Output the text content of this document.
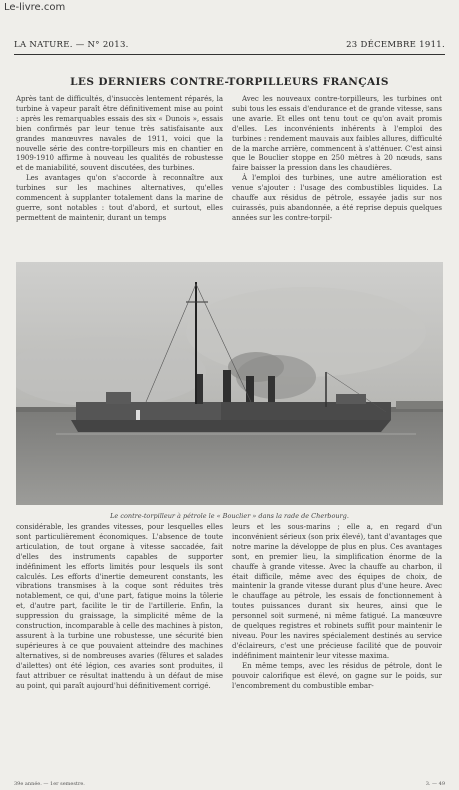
Le-livre.com
LA NATURE. — N° 2013.	23 DÉCEMBRE 1911.
LES DERNIERS CONTRE-TORPILLEURS FRANÇAIS
Après tant de difficultés, d'insuccès lentement réparés, la turbine à vapeur paraît être définitivement mise au point : après les remarquables essais des six « Dunois », essais bien confirmés par leur tenue très satisfaisante aux grandes manœuvres navales de 1911, voici que la nouvelle série des contre-torpilleurs mis en chantier en 1909-1910 affirme à nouveau les qualités de robustesse et de maniabilité, souvent discutées, des turbines.
Les avantages qu'on s'accorde à reconnaître aux turbines sur les machines alternatives, qu'elles commencent à supplanter totalement dans la marine de guerre, sont notables : tout d'abord, et surtout, elles permettent de maintenir, durant un temps
Avec les nouveaux contre-torpilleurs, les turbines ont subi tous les essais d'endurance et de grande vitesse, sans une avarie. Et elles ont tenu tout ce qu'on avait promis d'elles. Les inconvénients inhérents à l'emploi des turbines : rendement mauvais aux faibles allures, difficulté de la marche arrière, commencent à s'atténuer. C'est ainsi que le Bouclier stoppe en 250 mètres à 20 nœuds, sans faire baisser la pression dans les chaudières.
À l'emploi des turbines, une autre amélioration est venue s'ajouter : l'usage des combustibles liquides. La chauffe aux résidus de pétrole, essayée jadis sur nos cuirassés, puis abandonnée, a été reprise depuis quelques années sur les contre-torpil-
Le contre-torpilleur à pétrole le « Bouclier » dans la rade de Cherbourg.
considérable, les grandes vitesses, pour lesquelles elles sont particulièrement économiques. L'absence de toute articulation, de tout organe à vitesse saccadée, fait d'elles des instruments capables de supporter indéfiniment les efforts limités pour lesquels ils sont calculés. Les efforts d'inertie demeurent constants, les vibrations transmises à la coque sont réduites très notablement, ce qui, d'une part, fatigue moins la tôlerie et, d'autre part, facilite le tir de l'artillerie. Enfin, la suppression du graissage, la simplicité même de la construction, incomparable à celle des machines à piston, assurent à la turbine une robustesse, une sécurité bien supérieures à ce que pouvaient atteindre des machines alternatives, si de nombreuses avaries (fêlures et salades d'ailettes) ont été légion, ces avaries sont produites, il faut attribuer ce résultat inattendu à un défaut de mise au point, qui paraît aujourd'hui définitivement corrigé.
leurs et les sous-marins ; elle a, en regard d'un inconvénient sérieux (son prix élevé), tant d'avantages que notre marine la développe de plus en plus. Ces avantages sont, en premier lieu, la simplification énorme de la chauffe à grande vitesse. Avec la chauffe au charbon, il était difficile, même avec des équipes de choix, de maintenir la grande vitesse durant plus d'une heure. Avec le chauffage au pétrole, les essais de fonctionnement à toutes puissances durant six heures, ainsi que le personnel soit surmené, ni même fatigué. La manœuvre de quelques registres et robinets suffit pour maintenir le niveau. Pour les navires spécialement destinés au service d'éclaireurs, c'est une précieuse facilité que de pouvoir indéfiniment maintenir leur vitesse maxima.
En même temps, avec les résidus de pétrole, dont le pouvoir calorifique est élevé, on gagne sur le poids, sur l'encombrement du combustible embar-
39e année. — 1er semestre.	3. — 49
